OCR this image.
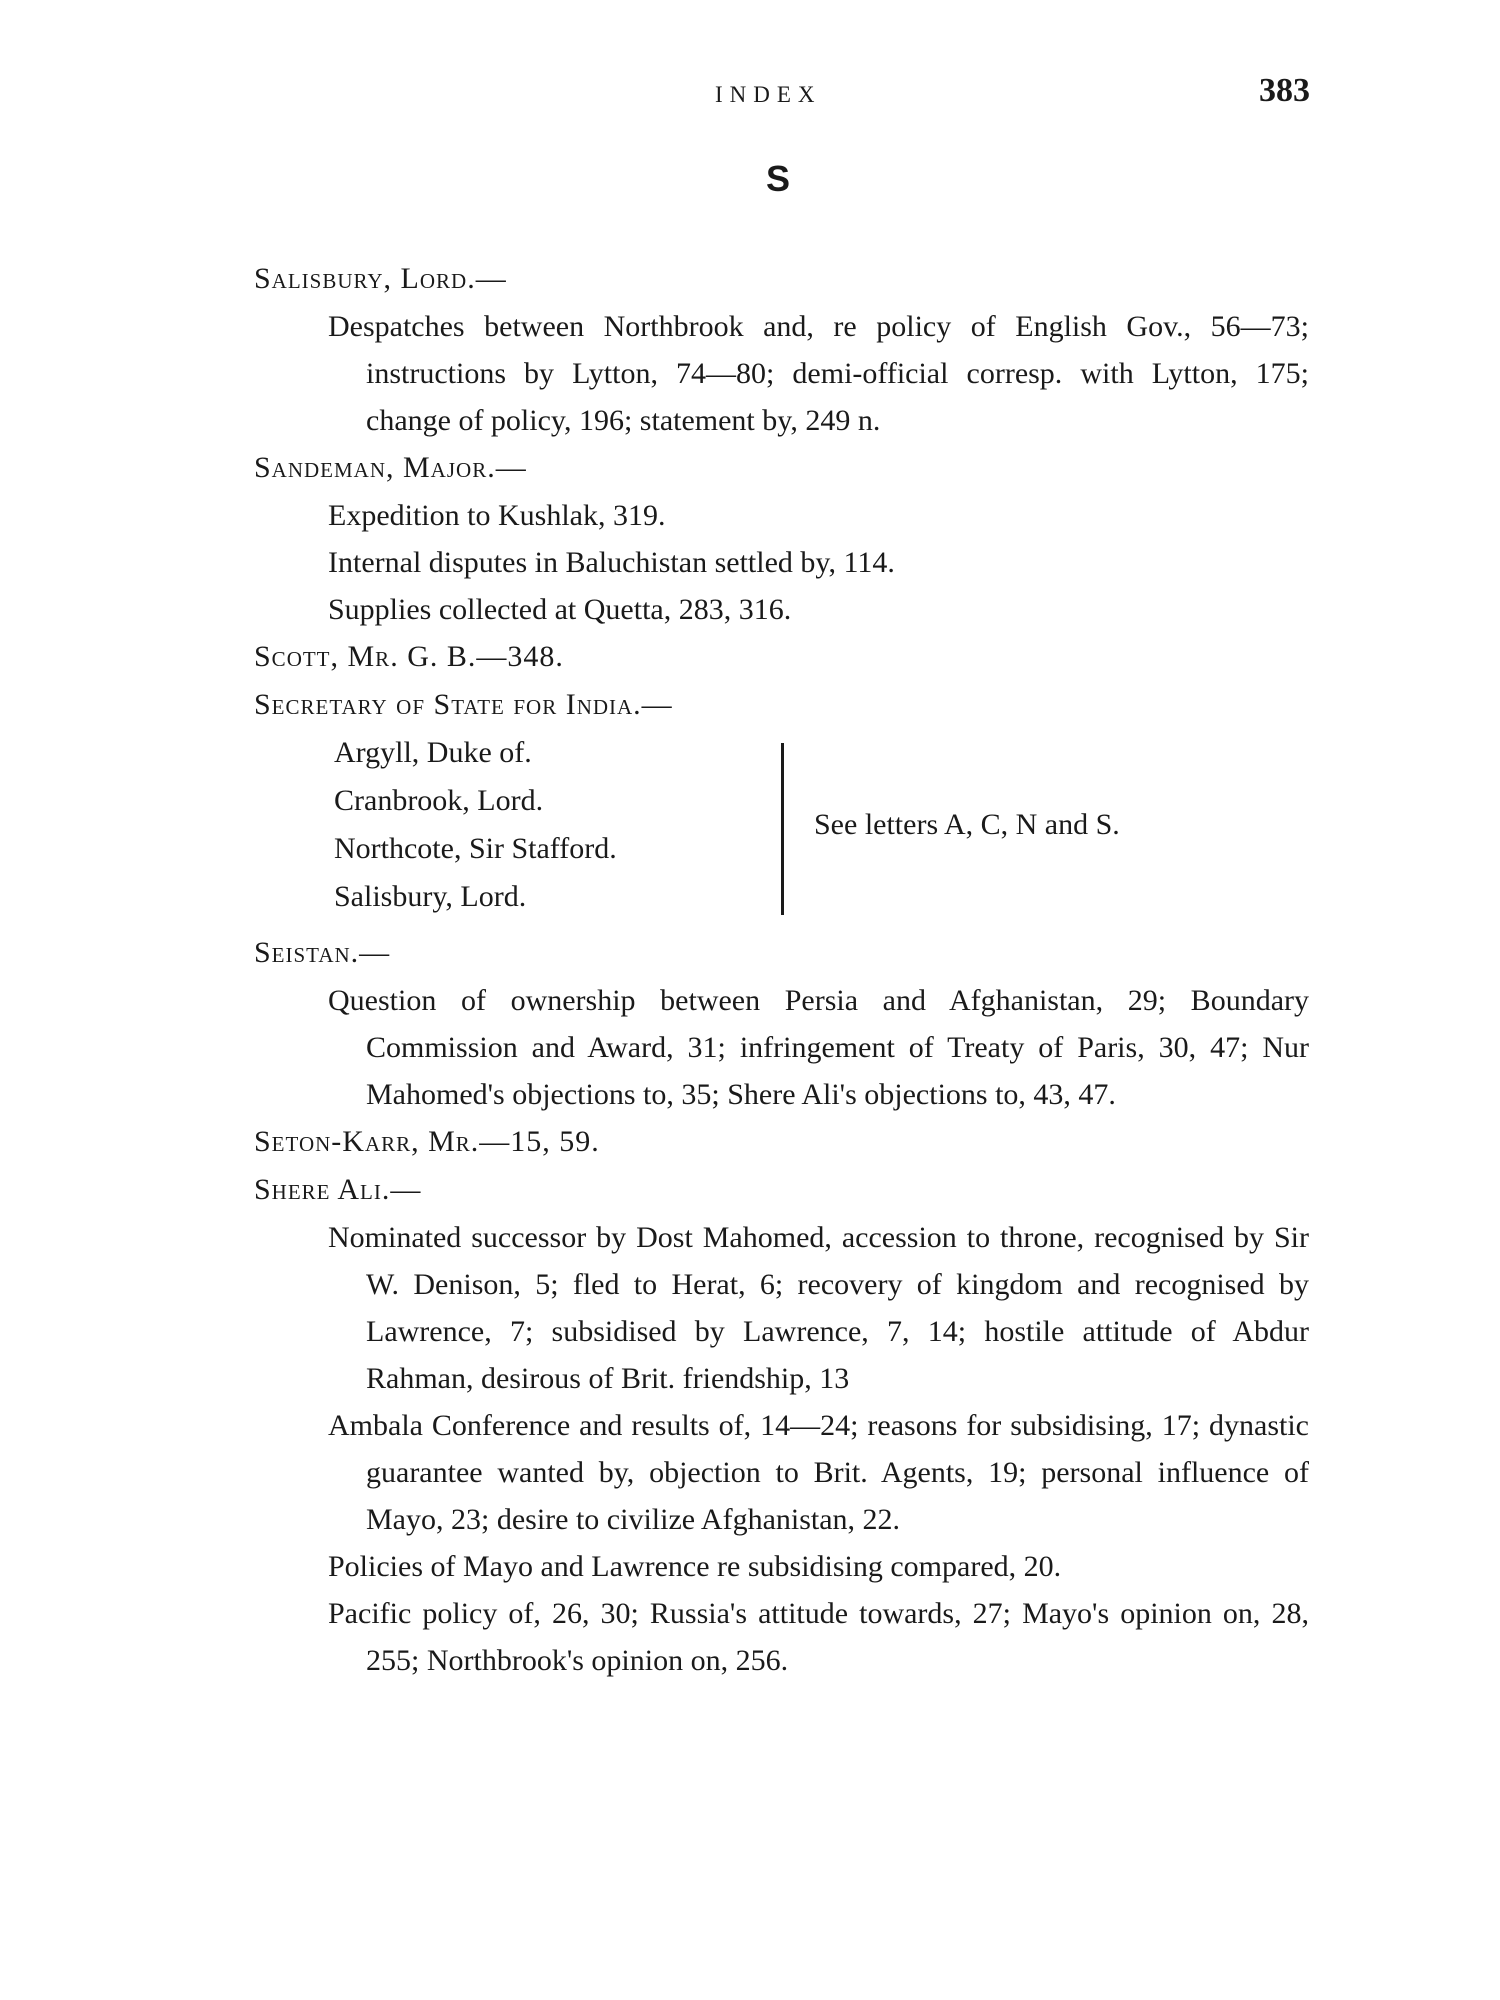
INDEX	383
S
Salisbury, Lord.—

Despatches between Northbrook and, re policy of English Gov., 56—73; instructions by Lytton, 74—80; demi-official corresp. with Lytton, 175; change of policy, 196; statement by, 249 n.

Sandeman, Major.—

Expedition to Kushlak, 319.

Internal disputes in Baluchistan settled by, 114.

Supplies collected at Quetta, 283, 316.

Scott, Mr. G. B.—348.
Secretary of State for India.—
Argyll, Duke of.
Cranbrook, Lord.
Northcote, Sir Stafford.
Salisbury, Lord.
See letters A, C, N and S.
Seistan.—

Question of ownership between Persia and Afghanistan, 29; Boundary Commission and Award, 31; infringement of Treaty of Paris, 30, 47; Nur Mahomed's objections to, 35; Shere Ali's objections to, 43, 47.

Seton-Karr, Mr.—15, 59.
Shere Ali.—

Nominated successor by Dost Mahomed, accession to throne, recognised by Sir W. Denison, 5; fled to Herat, 6; recovery of kingdom and recognised by Lawrence, 7; subsidised by Lawrence, 7, 14; hostile attitude of Abdur Rahman, desirous of Brit. friendship, 13

Ambala Conference and results of, 14—24; reasons for subsidising, 17; dynastic guarantee wanted by, objection to Brit. Agents, 19; personal influence of Mayo, 23; desire to civilize Afghanistan, 22.

Policies of Mayo and Lawrence re subsidising compared, 20.

Pacific policy of, 26, 30; Russia's attitude towards, 27; Mayo's opinion on, 28, 255; Northbrook's opinion on, 256.
